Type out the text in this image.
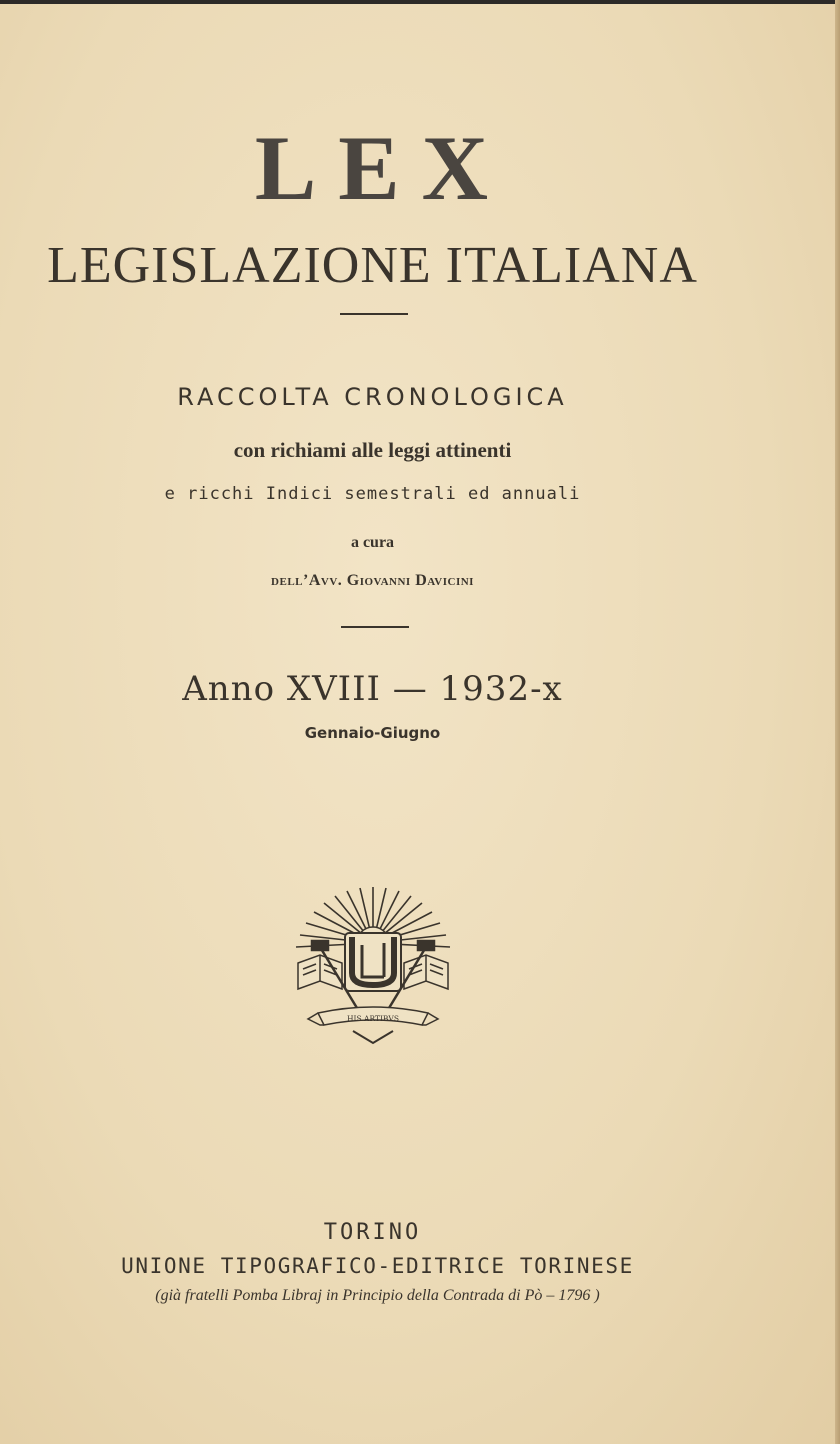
LEX
LEGISLAZIONE ITALIANA
RACCOLTA CRONOLOGICA
con richiami alle leggi attinenti
e ricchi Indici semestrali ed annuali
a cura
dell’Avv. Giovanni Davicini
Anno XVIII — 1932-x
Gennaio-Giugno
HIS ARTIBVS
TORINO
UNIONE TIPOGRAFICO-EDITRICE TORINESE
(già fratelli Pomba Libraj in Principio della Contrada di Pò – 1796 )
